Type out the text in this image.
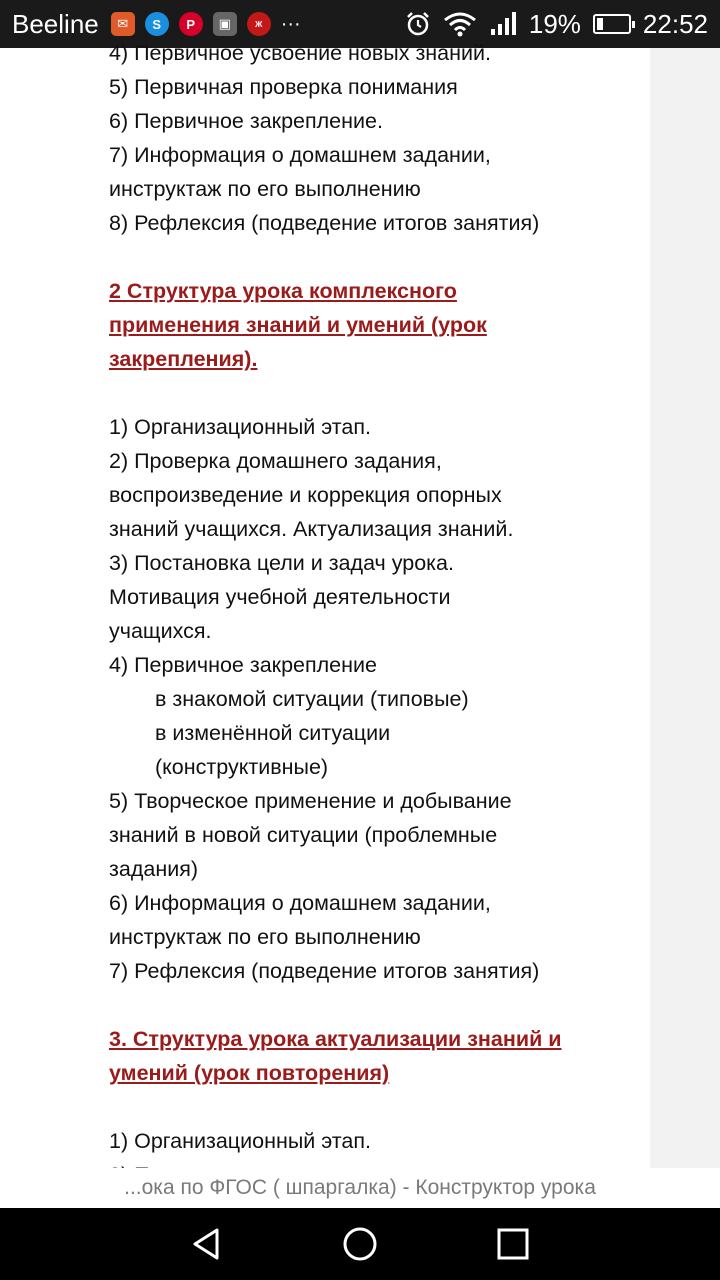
Beeline	✉	S	P	▣	Ж ···	19% 22:52
4) Первичное усвоение новых знаний.
5) Первичная проверка понимания
6) Первичное закрепление.
7) Информация о домашнем задании,
инструктаж по его выполнению
8) Рефлексия (подведение итогов занятия)
2 Структура урока комплексного
применения знаний и умений (урок
закрепления).
1) Организационный этап.
2) Проверка домашнего задания,
воспроизведение и коррекция опорных
знаний учащихся. Актуализация знаний.
3) Постановка цели и задач урока.
Мотивация учебной деятельности
учащихся.
4) Первичное закрепление
в знакомой ситуации (типовые)
в изменённой ситуации
(конструктивные)
5) Творческое применение и добывание
знаний в новой ситуации (проблемные
задания)
6) Информация о домашнем задании,
инструктаж по его выполнению
7) Рефлексия (подведение итогов занятия)
3. Структура урока актуализации знаний и
умений (урок повторения)
1) Организационный этап.
...ока по ФГОС ( шпаргалка) - Конструктор урока
